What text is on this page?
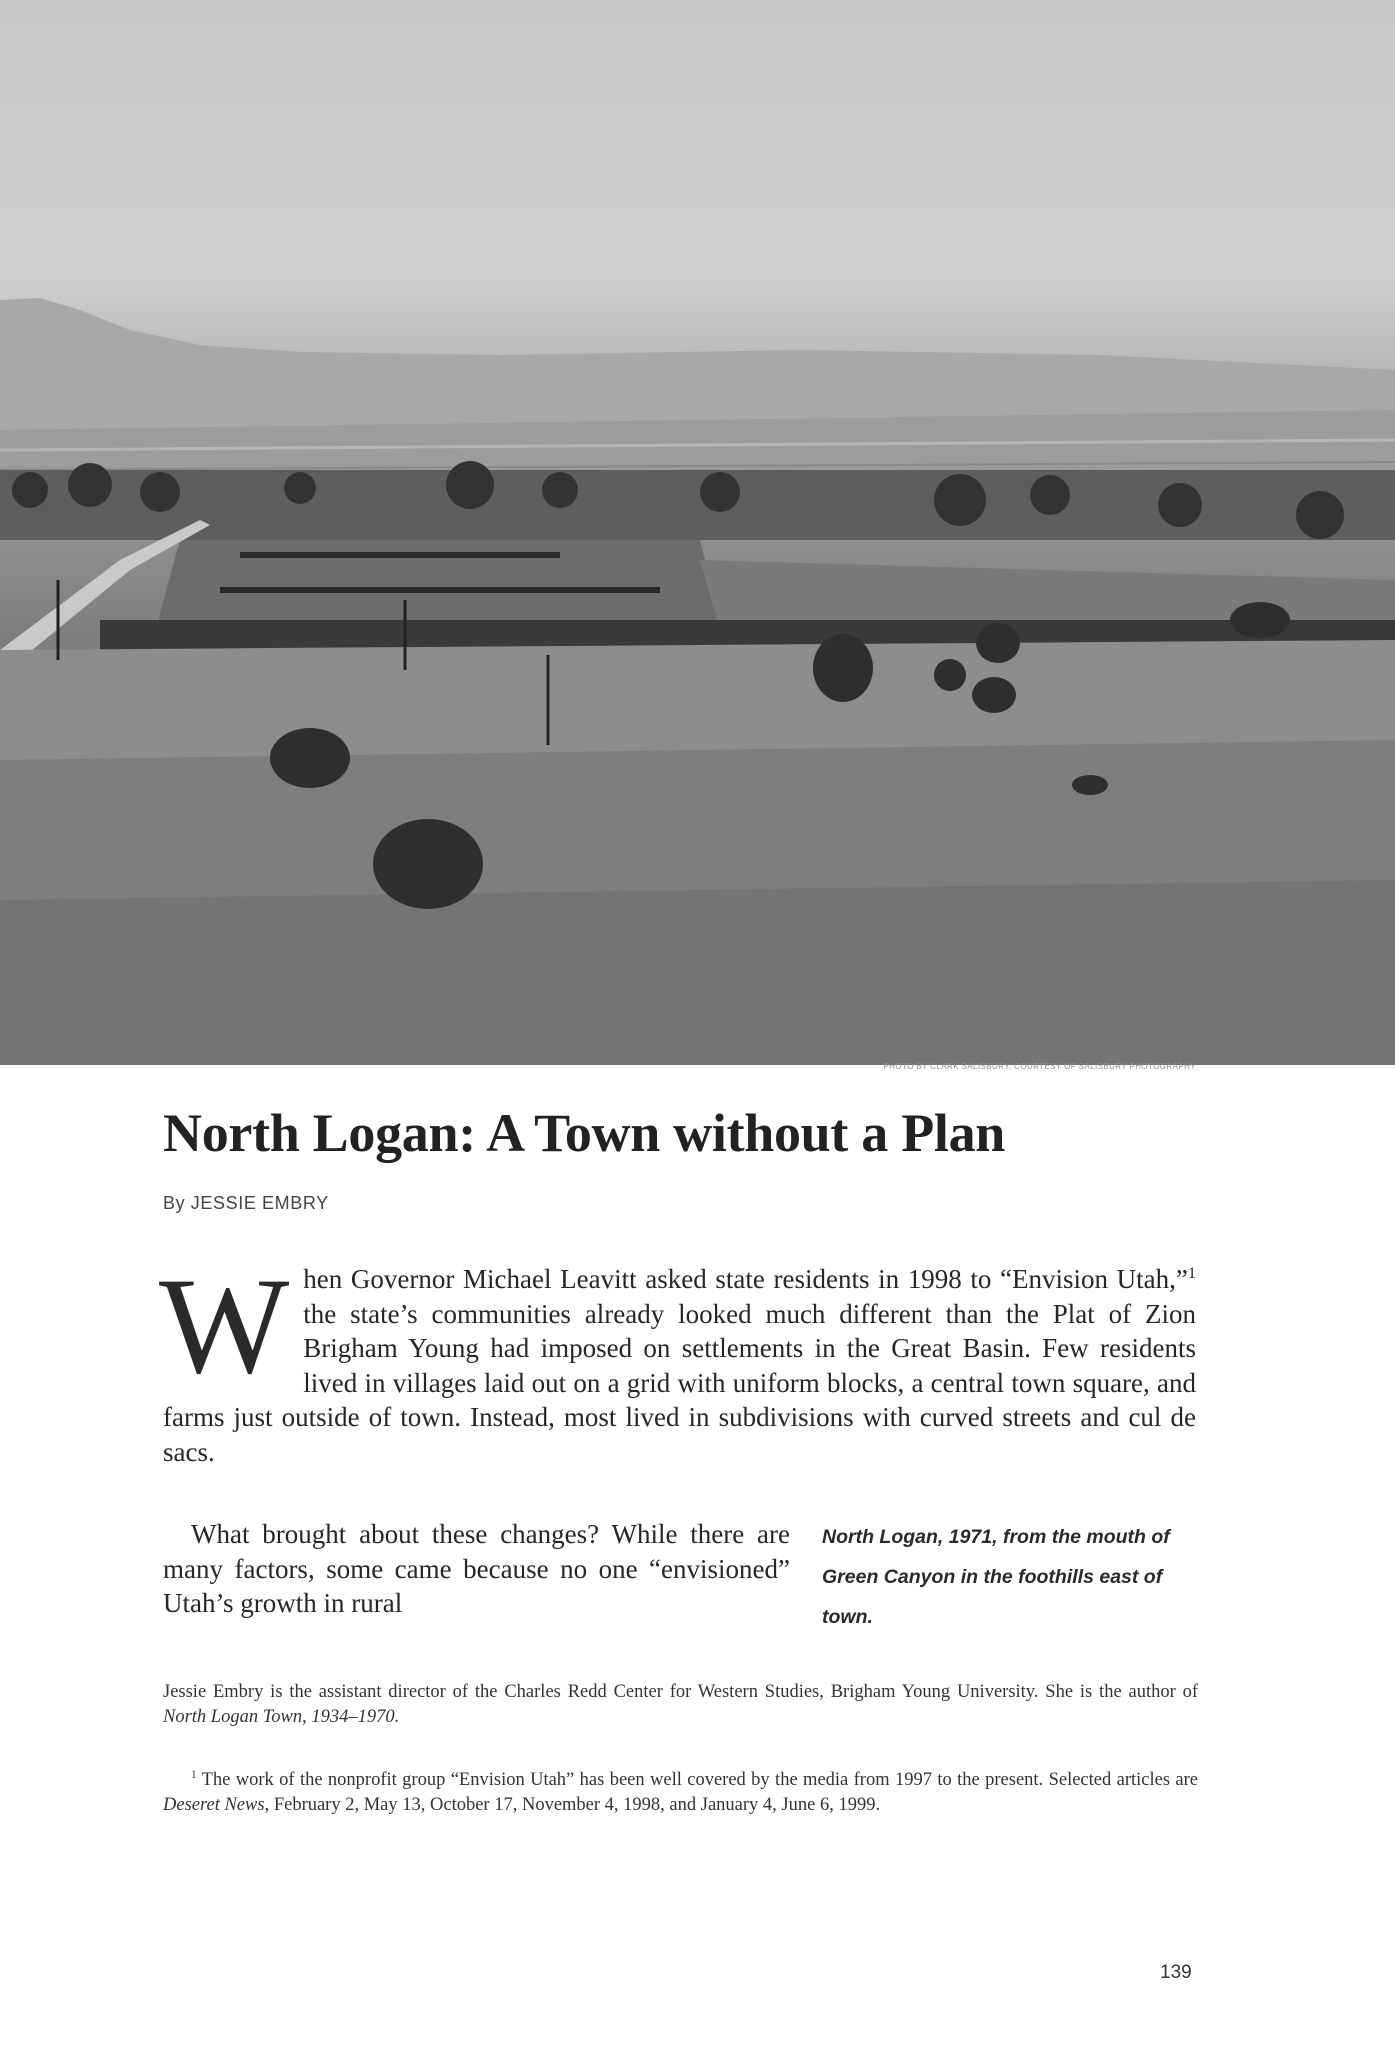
PHOTO BY CLARK SALISBURY, COURTESY OF SALISBURY PHOTOGRAPHY
North Logan: A Town without a Plan
By JESSIE EMBRY

When Governor Michael Leavitt asked state residents in 1998 to “Envision Utah,”$^1$ the state’s communities already looked much different than the Plat of Zion Brigham Young had imposed on settlements in the Great Basin. Few residents lived in villages laid out on a grid with uniform blocks, a central town square, and farms just outside of town. Instead, most lived in subdivisions with curved streets and cul de sacs.

What brought about these changes? While there are many factors, some came because no one “envisioned” Utah’s growth in rural

North Logan, 1971, from the mouth of Green Canyon in the foothills east of town.

Jessie Embry is the assistant director of the Charles Redd Center for Western Studies, Brigham Young University. She is the author of North Logan Town, 1934–1970.

$^1$ The work of the nonprofit group “Envision Utah” has been well covered by the media from 1997 to the present. Selected articles are Deseret News, February 2, May 13, October 17, November 4, 1998, and January 4, June 6, 1999.

139
